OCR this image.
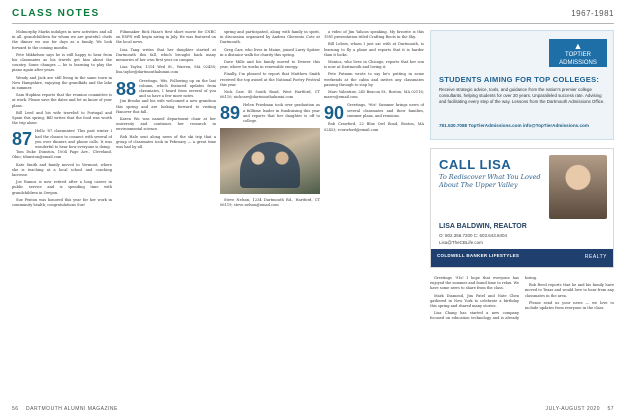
CLASS NOTES	1967-1981

Molmorphy Marks indulges in new activities and all in all, grandchildren for whom we are grateful: chefs the dinner we use for days as a family. We look forward to the coming months.

Pete Mikkelsen says he is still happy to hear from his classmates as his travels get him about the country. Some changes — he is learning to play the piano again after years.

Wendy and Jack are still living in the same town in New Hampshire, enjoying the grandkids and the lake in summer.

Sam Hopkins reports that the reunion committee is at work. Please save the dates and let us know of your plans.

Bill Leed and his wife traveled to Portugal and Spain this spring; Bill writes that the food was worth the trip alone.

87 Hello '87 classmates! This past winter I had the chance to connect with several of you over dinners and phone calls. It was wonderful to hear how everyone is doing.

Tom Duke Dunston, 1004 Page Ave., Cleveland, Ohio; tdunston@email.com

Kate Smith and family moved to Vermont, where she is teaching at a local school and coaching lacrosse.

Joe Ramos is now retired after a long career in public service and is spending time with grandchildren in Oregon.

Sue Fenton was honored this year for her work in community health; congratulations Sue!

Filmmaker Rick Haas's first short movie for CNBC on ESPN will begin airing in July. He was featured on the local news.

Lisa Tang writes that her daughter started at Dartmouth this fall, which brought back many memories of her own first year on campus.

Lisa Taylor, 1314 Wed St., Warren, MA 02458; lisa.taylor@dartmouthalumni.com

88 Greetings, '88s. Following up on the last column, which featured updates from classmates, I heard from several of you and so have a few more notes.

Jim Brooks and his wife welcomed a new grandson this spring and are looking forward to visiting Hanover this fall.

Karen Wu was named department chair at her university and continues her research in environmental science.

Rob Hale sent along news of the ski trip that a group of classmates took in February — a great time was had by all.

spring and participated, along with family in spirit, in discussion organized by Andrea Gheronto Cote at Dartmouth.

Greg Carr, who lives in Maine, joined Larry Spitzer in a distance walk for charity this spring.

Dave Mills and his family moved to Denver this year, where he works in renewable energy.

Finally, I'm pleased to report that Matthew Smith received the top award at the National Poetry Festival this year.

Nick Carr, 45 South Road, West Hartford, CT 06110; nickcarr@dartmouthalumni.com

89 Helen Friedman took over graduation as a fulltime leader in fundraising this year and reports that her daughter is off to college.

Steve Nelson, 1234 Dartmouth Rd., Hartford, CT 06119; steve.nelson@email.com

a video of Jim Yahoos speaking. My favorite is this 1981 presentation titled Crafting Roots in the Sky.

Bill Lebow, whom I just sat with at Dartmouth, is learning to fly a plane and reports that it is harder than it looks.

Monica, who lives in Chicago, reports that her son is now at Dartmouth and loving it.

Pete Putnam wrote to say he's putting in some weekends at the cabin and invites any classmates passing through to stop by.

Marc Valentine, 245 Beacon St., Boston, MA 02116; marcv@email.com

90 Greetings, '90s! Summer brings news of several classmates and their families, summer plans, and reunions.

Rob Crawford, 22 Blue Owl Road, Boston, MA 02453; rcrawford@email.com

▲
TOPTIER
ADMISSIONS
STUDENTS AIMING FOR TOP COLLEGES:
Receive strategic advice, tools, and guidance from the nation's premier college consultants, helping students for over 20 years. Unparalleled success rate. Advising and facilitating every step of the way. Lessons from the Dartmouth Admissions Office.
781.530.7088 TopTierAdmissions.com info@TopTierAdmissions.com
CALL LISA
To Rediscover What You Loved About The Upper Valley
LISA BALDWIN, REALTOR
O: 802.356.7200 C: 603.643.8404
Lisa@TheCBLife.com
COLDWELL BANKER LIFESTYLES	REALTY

Greetings '91s! I hope that everyone has enjoyed the summer and found time to relax. We have some news to share from the class.

Mark Diamond, Jim Patel and Nate Chen gathered in New York to celebrate a birthday this spring and shared many stories.

Lisa Chang has started a new company focused on education technology and is already hiring.

Bob Reed reports that he and his family have moved to Texas and would love to hear from any classmates in the area.

Please send us your news — we love to include updates from everyone in the class.

56 DARTMOUTH ALUMNI MAGAZINE	JULY-AUGUST 2020 57
